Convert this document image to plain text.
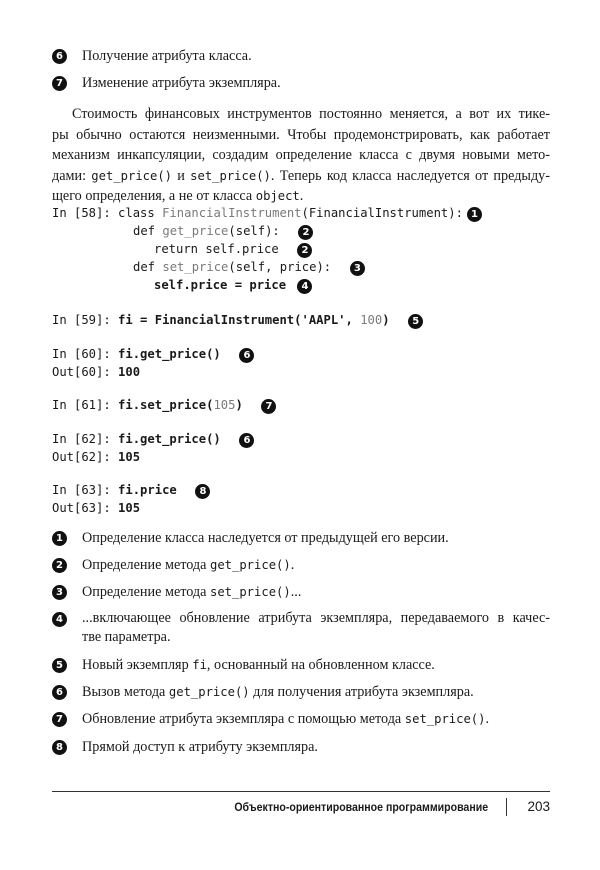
6 Получение атрибута класса.
7 Изменение атрибута экземпляра.
Стоимость финансовых инструментов постоянно меняется, а вот их тике-
ры обычно остаются неизменными. Чтобы продемонстрировать, как работает
механизм инкапсуляции, создадим определение класса с двумя новыми мето-
дами: get_price() и set_price(). Теперь код класса наследуется от предыду-
щего определения, а не от класса object.
In [58]: class FinancialInstrument(FinancialInstrument): 1
def get_price(self): 2
return self.price 2
def set_price(self, price): 3
self.price = price 4
In [59]: fi = FinancialInstrument('AAPL', 100) 5
In [60]: fi.get_price() 6
Out[60]: 100
In [61]: fi.set_price(105) 7
In [62]: fi.get_price() 6
Out[62]: 105
In [63]: fi.price 8
Out[63]: 105
1 Определение класса наследуется от предыдущей его версии.
2 Определение метода get_price().
3 Определение метода set_price()...
4 ...включающее обновление атрибута экземпляра, передаваемого в качес-
тве параметра.
5 Новый экземпляр fi, основанный на обновленном классе.
6 Вызов метода get_price() для получения атрибута экземпляра.
7 Обновление атрибута экземпляра с помощью метода set_price().
8 Прямой доступ к атрибуту экземпляра.
Объектно-ориентированное программирование	203
